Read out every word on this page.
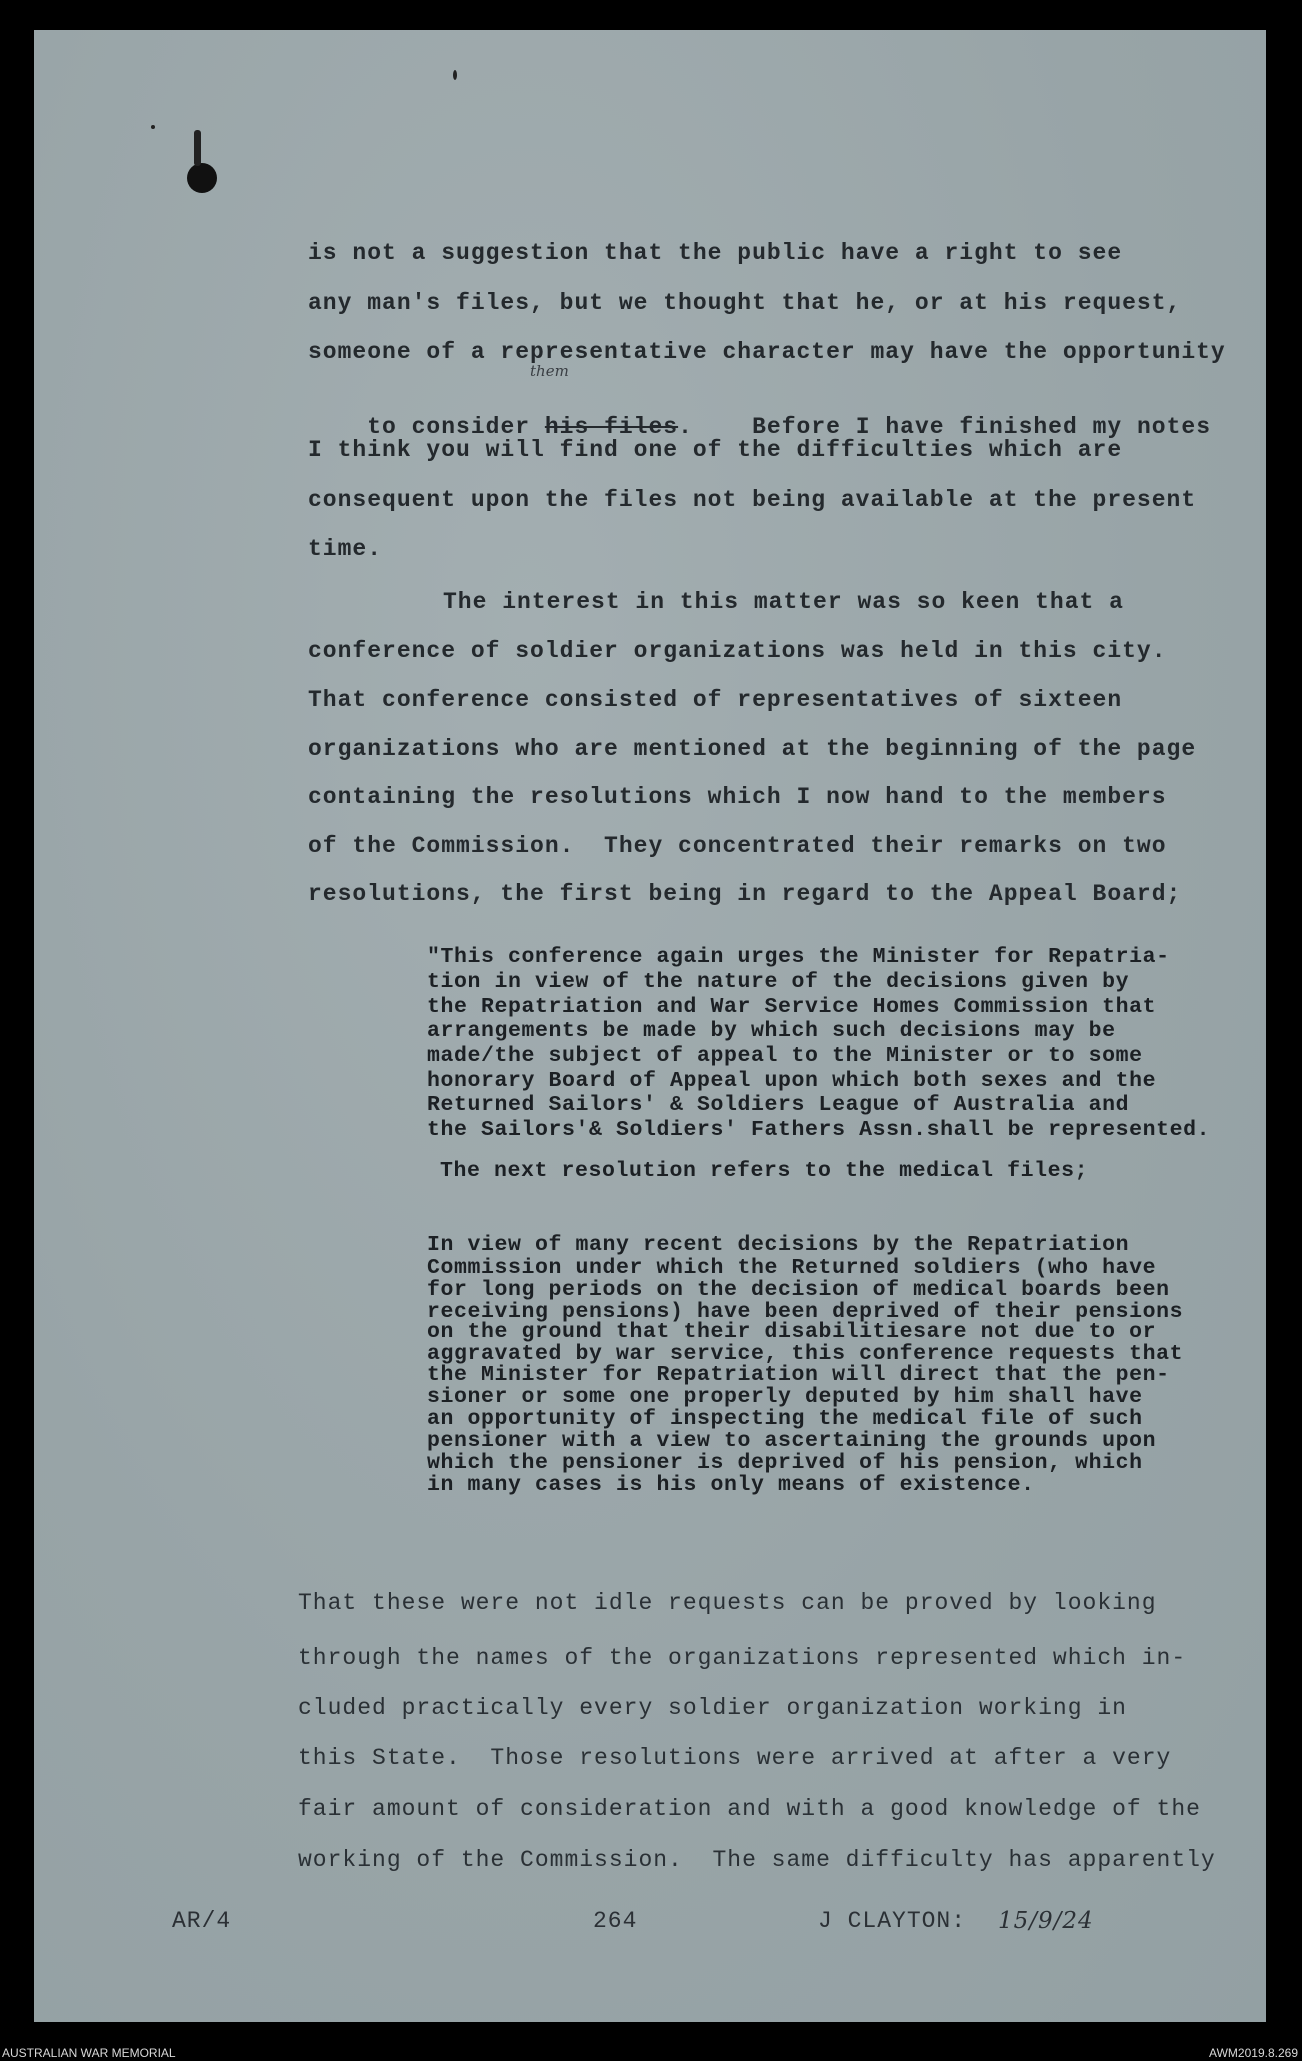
is not a suggestion that the public have a right to see

any man's files, but we thought that he, or at his request,

someone of a representative character may have the opportunity

to consider his files.	Before I have finished my notes

I think you will find one of the difficulties which are

consequent upon the files not being available at the present

time.

them

The interest in this matter was so keen that a

conference of soldier organizations was held in this city.

That conference consisted of representatives of sixteen

organizations who are mentioned at the beginning of the page

containing the resolutions which I now hand to the members

of the Commission.  They concentrated their remarks on two

resolutions, the first being in regard to the Appeal Board;

"This conference again urges the Minister for Repatria-

tion in view of the nature of the decisions given by

the Repatriation and War Service Homes Commission that

arrangements be made by which such decisions may be

made/the subject of appeal to the Minister or to some

honorary Board of Appeal upon which both sexes and the

Returned Sailors' & Soldiers League of Australia and

the Sailors'& Soldiers' Fathers Assn.shall be represented.

The next resolution refers to the medical files;

In view of many recent decisions by the Repatriation

Commission under which the Returned soldiers (who have

for long periods on the decision of medical boards been

receiving pensions) have been deprived of their pensions

on the ground that their disabilitiesare not due to or

aggravated by war service, this conference requests that

the Minister for Repatriation will direct that the pen-

sioner or some one properly deputed by him shall have

an opportunity of inspecting the medical file of such

pensioner with a view to ascertaining the grounds upon

which the pensioner is deprived of his pension, which

in many cases is his only means of existence.

That these were not idle requests can be proved by looking

through the names of the organizations represented which in-

cluded practically every soldier organization working in

this State.  Those resolutions were arrived at after a very

fair amount of consideration and with a good knowledge of the

working of the Commission.  The same difficulty has apparently

AR/4	264	J CLAYTON: 15/9/24
AUSTRALIAN WAR MEMORIAL	AWM2019.8.269
